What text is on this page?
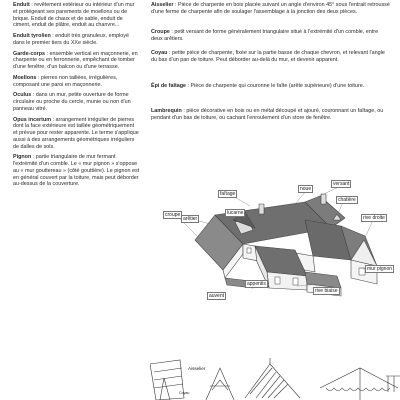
Enduit : revêtement extérieur ou intérieur d'un mur et protégeant ses parements de moellons ou de brique. Enduit de chaux et de sable, enduit de ciment, enduit de plâtre, enduit au chanvre...

Enduit tyrolien : enduit très granuleux, employé dans le premier tiers du XXe siècle.

Garde-corps : ensemble vertical en maçonnerie, en charpente ou en ferronnerie, empêchant de tomber d'une fenêtre, d'un balcon ou d'une terrasse.

Moellons : pierres non taillées, irrégulières, composant une paroi en maçonnerie.

Oculus : dans un mur, petite ouverture de forme circulaire ou proche du cercle, munie ou non d'un panneau vitré.

Opus incertum : arrangement irrégulier de pierres dont la face extérieure est taillée géométriquement et prévue pour rester apparente. Le terme s'applique aussi à des arrangements géométriques irréguliers de dalles de sols.

Pignon : partie triangulaire de mur fermant l'extrémité d'un comble. Le « mur pignon » s'oppose au « mur gouttereau » (côté gouttière). Le pignon est en général couvert par la toiture, mais peut déborder au-dessus de la couverture.

Aisselier : Pièce de charpente en bois placée suivant un angle d'environ 45° sous l'entrait retroussé d'une ferme de charpente afin de soulager l'assemblage à la jonction des deux pièces.

Croupe : petit versant de forme généralement triangulaire situé à l'extrémité d'un comble, entre deux arêtiers.

Coyau : petite pièce de charpente, fixée sur la partie basse de chaque chevron, et relevant l'angle du bas d'un pan de toiture. Peut déborder au-delà du mur, et devenir apparent.

Épi de faîtage : Pièce de charpente qui couronne le faîte (arête supérieure) d'une toiture.

Lambrequin : pièce décorative en bois ou en métal découpé et ajouré, couronnant un faîtage, ou pendant d'un bas de toiture, ou cachant l'enroulement d'un store de fenêtre.

noue
faîtage
versant
lucarne
arêtier
chatière
croupe	rive droite
mur pignon
appentis
auvent
rive biaise
Coyau
Aisselier
